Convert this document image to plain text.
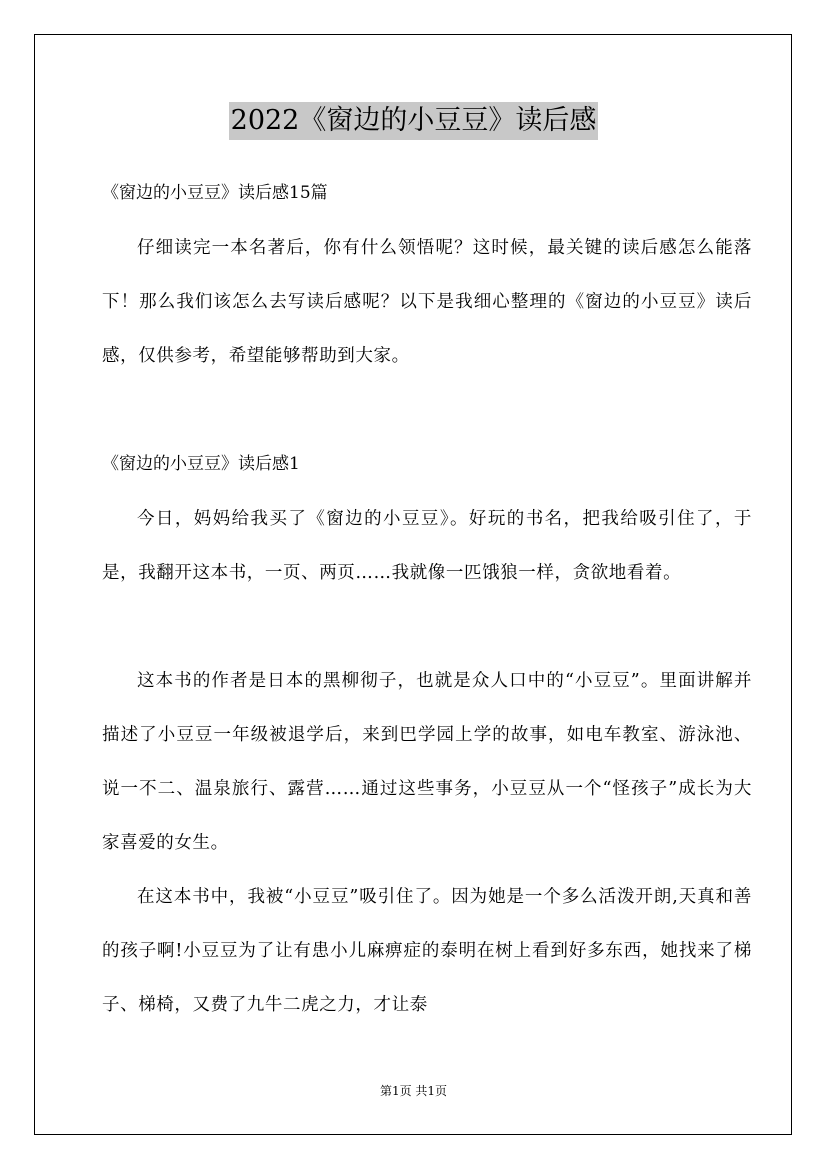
2022《窗边的小豆豆》读后感
《窗边的小豆豆》读后感15篇

仔细读完一本名著后，你有什么领悟呢？这时候，最关键的读后感怎么能落下！那么我们该怎么去写读后感呢？以下是我细心整理的《窗边的小豆豆》读后感，仅供参考，希望能够帮助到大家。

《窗边的小豆豆》读后感1

今日，妈妈给我买了《窗边的小豆豆》。好玩的书名，把我给吸引住了，于是，我翻开这本书，一页、两页……我就像一匹饿狼一样，贪欲地看着。

这本书的作者是日本的黑柳彻子，也就是众人口中的“小豆豆”。里面讲解并描述了小豆豆一年级被退学后，来到巴学园上学的故事，如电车教室、游泳池、说一不二、温泉旅行、露营……通过这些事务，小豆豆从一个“怪孩子”成长为大家喜爱的女生。

在这本书中，我被“小豆豆”吸引住了。因为她是一个多么活泼开朗,天真和善的孩子啊!小豆豆为了让有患小儿麻痹症的泰明在树上看到好多东西，她找来了梯子、梯椅，又费了九牛二虎之力，才让泰

第1页 共1页
